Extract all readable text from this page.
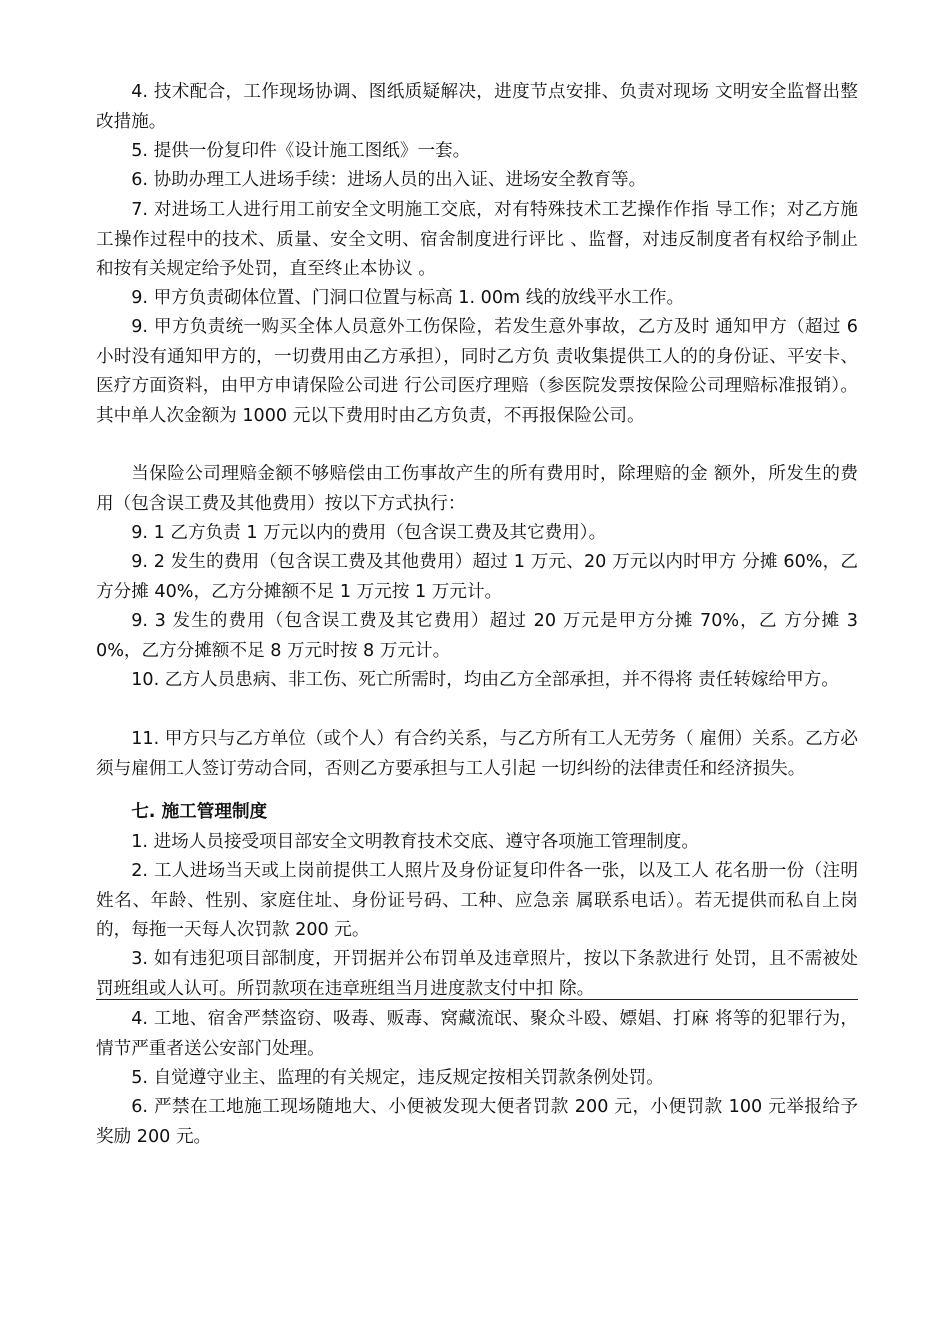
4. 技术配合，工作现场协调、图纸质疑解决，进度节点安排、负责对现场 文明安全监督出整改措施。

5. 提供一份复印件《设计施工图纸》一套。

6. 协助办理工人进场手续：进场人员的出入证、进场安全教育等。

7. 对进场工人进行用工前安全文明施工交底，对有特殊技术工艺操作作指 导工作；对乙方施工操作过程中的技术、质量、安全文明、宿舍制度进行评比 、监督，对违反制度者有权给予制止和按有关规定给予处罚，直至终止本协议 。

9. 甲方负责砌体位置、门洞口位置与标高 1. 00m 线的放线平水工作。

9. 甲方负责统一购买全体人员意外工伤保险，若发生意外事故，乙方及时 通知甲方（超过 6 小时没有通知甲方的，一切费用由乙方承担），同时乙方负 责收集提供工人的的身份证、平安卡、医疗方面资料，由甲方申请保险公司进 行公司医疗理赔（参医院发票按保险公司理赔标准报销）。其中单人次金额为 1000 元以下费用时由乙方负责，不再报保险公司。

当保险公司理赔金额不够赔偿由工伤事故产生的所有费用时，除理赔的金 额外，所发生的费用（包含误工费及其他费用）按以下方式执行：

9. 1 乙方负责 1 万元以内的费用（包含误工费及其它费用）。

9. 2 发生的费用（包含误工费及其他费用）超过 1 万元、20 万元以内时甲方 分摊 60%，乙方分摊 40%，乙方分摊额不足 1 万元按 1 万元计。

9. 3 发生的费用（包含误工费及其它费用）超过 20 万元是甲方分摊 70%，乙 方分摊 30%，乙方分摊额不足 8 万元时按 8 万元计。

10. 乙方人员患病、非工伤、死亡所需时，均由乙方全部承担，并不得将 责任转嫁给甲方。

11. 甲方只与乙方单位（或个人）有合约关系，与乙方所有工人无劳务（ 雇佣）关系。乙方必须与雇佣工人签订劳动合同，否则乙方要承担与工人引起 一切纠纷的法律责任和经济损失。

七. 施工管理制度

1. 进场人员接受项目部安全文明教育技术交底、遵守各项施工管理制度。

2. 工人进场当天或上岗前提供工人照片及身份证复印件各一张，以及工人 花名册一份（注明姓名、年龄、性别、家庭住址、身份证号码、工种、应急亲 属联系电话）。若无提供而私自上岗的，每拖一天每人次罚款 200 元。

3. 如有违犯项目部制度，开罚据并公布罚单及违章照片，按以下条款进行 处罚，且不需被处罚班组或人认可。所罚款项在违章班组当月进度款支付中扣 除。

4. 工地、宿舍严禁盗窃、吸毒、贩毒、窝藏流氓、聚众斗殴、嫖娼、打麻 将等的犯罪行为，情节严重者送公安部门处理。

5. 自觉遵守业主、监理的有关规定，违反规定按相关罚款条例处罚。

6. 严禁在工地施工现场随地大、小便被发现大便者罚款 200 元，小便罚款 100 元举报给予奖励 200 元。
